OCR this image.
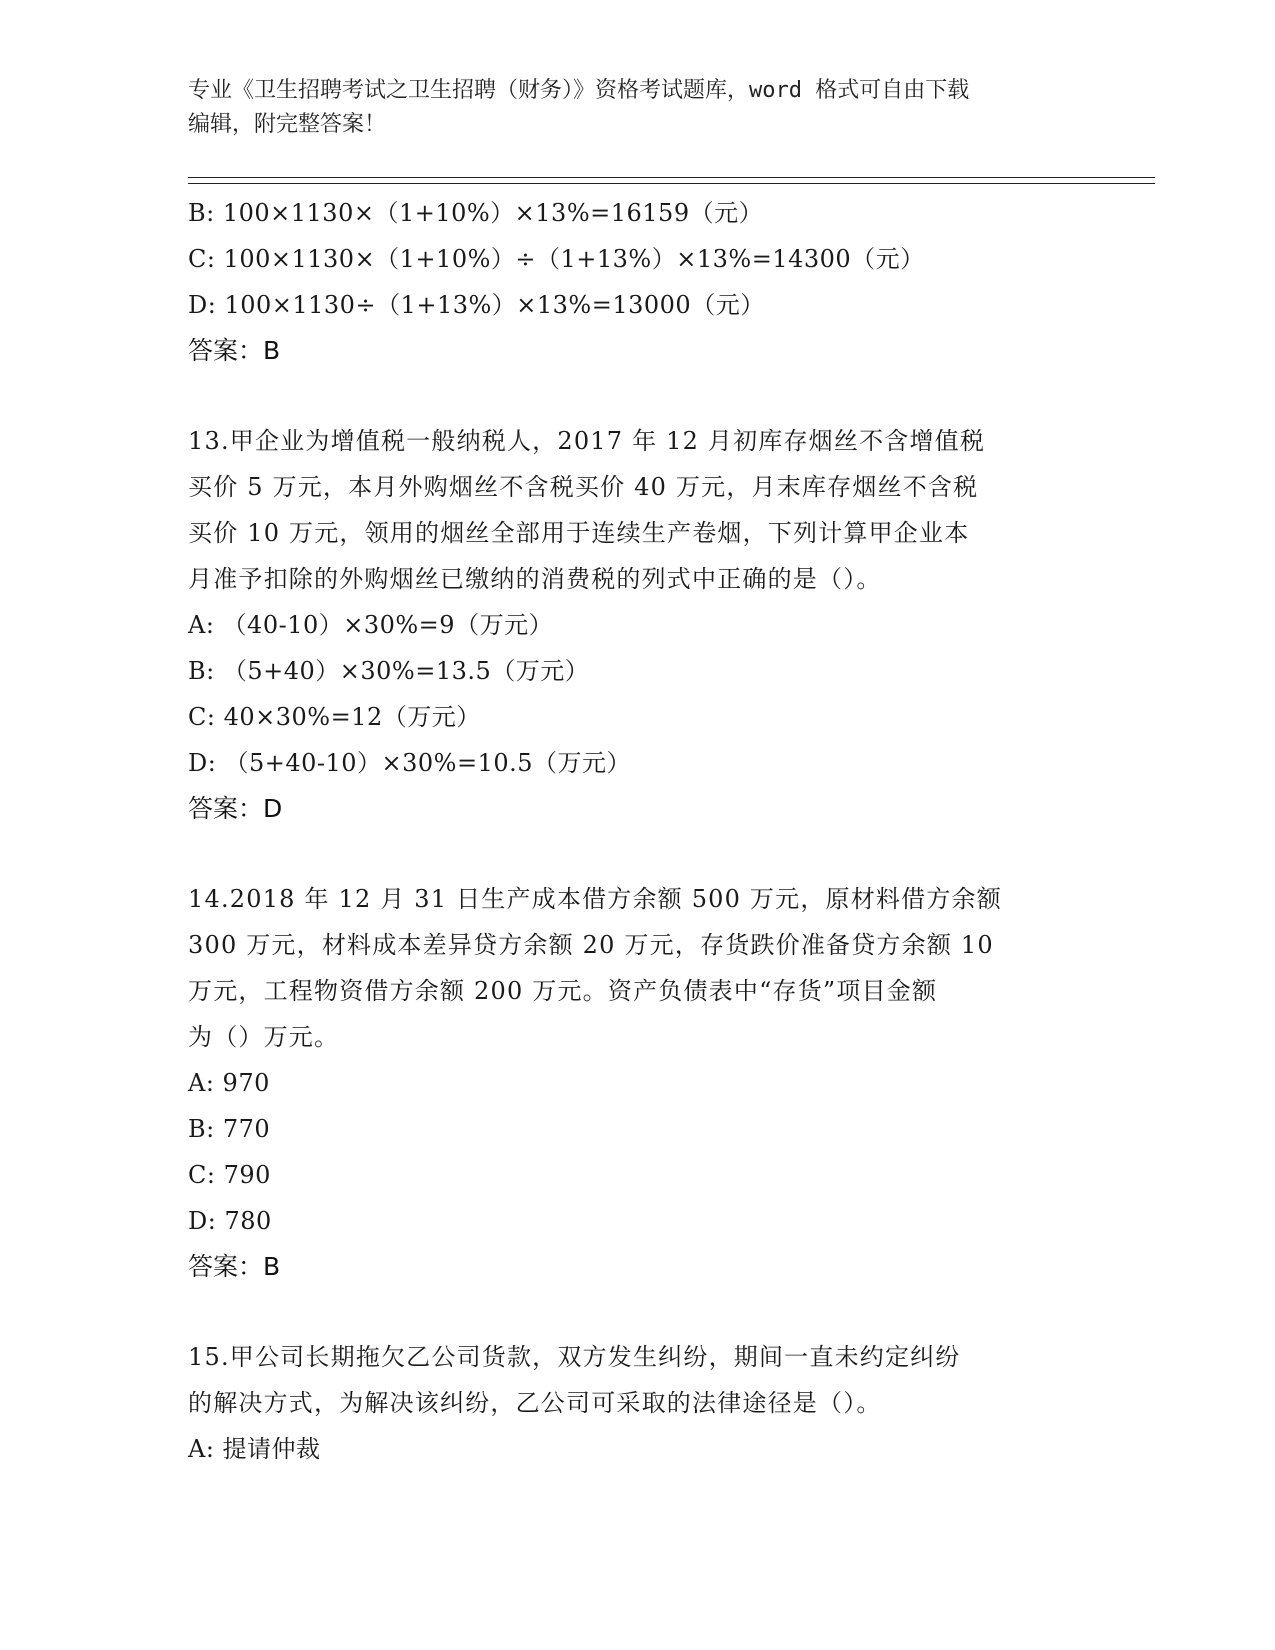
专业《卫生招聘考试之卫生招聘（财务）》资格考试题库，word 格式可自由下载
编辑，附完整答案！
B: 100×1130×（1+10%）×13%=16159（元）
C: 100×1130×（1+10%）÷（1+13%）×13%=14300（元）
D: 100×1130÷（1+13%）×13%=13000（元）
答案：B
13.甲企业为增值税一般纳税人，2017 年 12 月初库存烟丝不含增值税
买价 5 万元，本月外购烟丝不含税买价 40 万元，月末库存烟丝不含税
买价 10 万元，领用的烟丝全部用于连续生产卷烟，下列计算甲企业本
月准予扣除的外购烟丝已缴纳的消费税的列式中正确的是（）。
A: （40-10）×30%=9（万元）
B: （5+40）×30%=13.5（万元）
C: 40×30%=12（万元）
D: （5+40-10）×30%=10.5（万元）
答案：D
14.2018 年 12 月 31 日生产成本借方余额 500 万元，原材料借方余额
300 万元，材料成本差异贷方余额 20 万元，存货跌价准备贷方余额 10
万元，工程物资借方余额 200 万元。资产负债表中“存货”项目金额
为（）万元。
A: 970
B: 770
C: 790
D: 780
答案：B
15.甲公司长期拖欠乙公司货款，双方发生纠纷，期间一直未约定纠纷
的解决方式，为解决该纠纷，乙公司可采取的法律途径是（）。
A: 提请仲裁
